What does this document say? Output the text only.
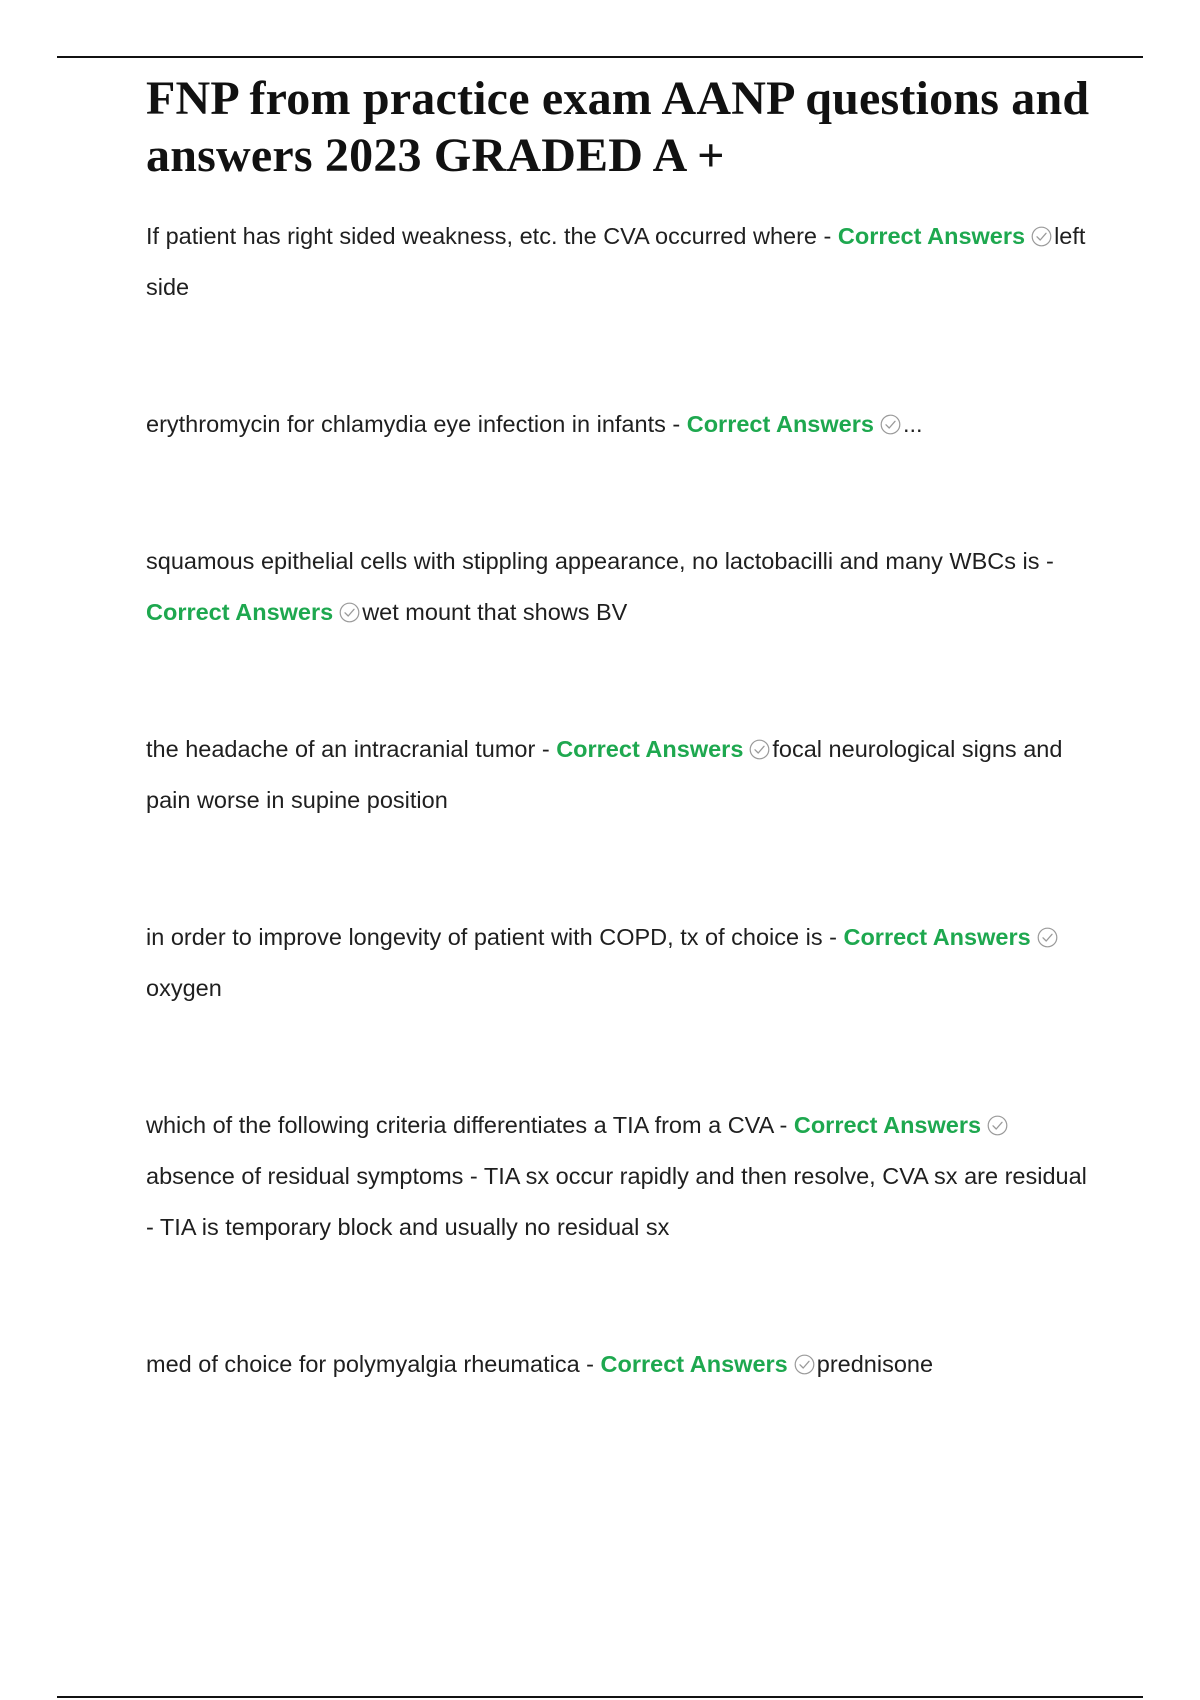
FNP from practice exam AANP questions and answers 2023 GRADED A +

If patient has right sided weakness, etc. the CVA occurred where - Correct Answers left side

erythromycin for chlamydia eye infection in infants - Correct Answers ...

squamous epithelial cells with stippling appearance, no lactobacilli and many WBCs is - Correct Answers wet mount that shows BV

the headache of an intracranial tumor - Correct Answers focal neurological signs and pain worse in supine position

in order to improve longevity of patient with COPD, tx of choice is - Correct Answers
oxygen

which of the following criteria differentiates a TIA from a CVA - Correct Answers
absence of residual symptoms - TIA sx occur rapidly and then resolve, CVA sx are residual - TIA is temporary block and usually no residual sx

med of choice for polymyalgia rheumatica - Correct Answers prednisone
